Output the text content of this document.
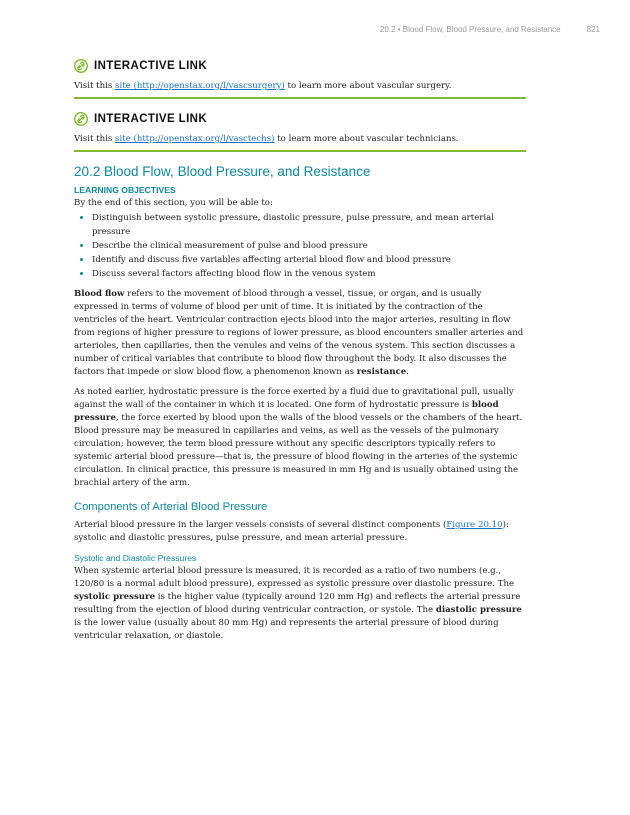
20.2 • Blood Flow, Blood Pressure, and Resistance	821
INTERACTIVE LINK
Visit this site (http://openstax.org/l/vascsurgery) to learn more about vascular surgery.
INTERACTIVE LINK
Visit this site (http://openstax.org/l/vasctechs) to learn more about vascular technicians.
20.2 Blood Flow, Blood Pressure, and Resistance
LEARNING OBJECTIVES

By the end of this section, you will be able to:

Distinguish between systolic pressure, diastolic pressure, pulse pressure, and mean arterial pressure
Describe the clinical measurement of pulse and blood pressure
Identify and discuss five variables affecting arterial blood flow and blood pressure
Discuss several factors affecting blood flow in the venous system

Blood flow refers to the movement of blood through a vessel, tissue, or organ, and is usually expressed in terms of volume of blood per unit of time. It is initiated by the contraction of the ventricles of the heart. Ventricular contraction ejects blood into the major arteries, resulting in flow from regions of higher pressure to regions of lower pressure, as blood encounters smaller arteries and arterioles, then capillaries, then the venules and veins of the venous system. This section discusses a number of critical variables that contribute to blood flow throughout the body. It also discusses the factors that impede or slow blood flow, a phenomenon known as resistance.

As noted earlier, hydrostatic pressure is the force exerted by a fluid due to gravitational pull, usually against the wall of the container in which it is located. One form of hydrostatic pressure is blood pressure, the force exerted by blood upon the walls of the blood vessels or the chambers of the heart. Blood pressure may be measured in capillaries and veins, as well as the vessels of the pulmonary circulation; however, the term blood pressure without any specific descriptors typically refers to systemic arterial blood pressure—that is, the pressure of blood flowing in the arteries of the systemic circulation. In clinical practice, this pressure is measured in mm Hg and is usually obtained using the brachial artery of the arm.

Components of Arterial Blood Pressure

Arterial blood pressure in the larger vessels consists of several distinct components (Figure 20.10): systolic and diastolic pressures, pulse pressure, and mean arterial pressure.

Systolic and Diastolic Pressures

When systemic arterial blood pressure is measured, it is recorded as a ratio of two numbers (e.g., 120/80 is a normal adult blood pressure), expressed as systolic pressure over diastolic pressure. The systolic pressure is the higher value (typically around 120 mm Hg) and reflects the arterial pressure resulting from the ejection of blood during ventricular contraction, or systole. The diastolic pressure is the lower value (usually about 80 mm Hg) and represents the arterial pressure of blood during ventricular relaxation, or diastole.
